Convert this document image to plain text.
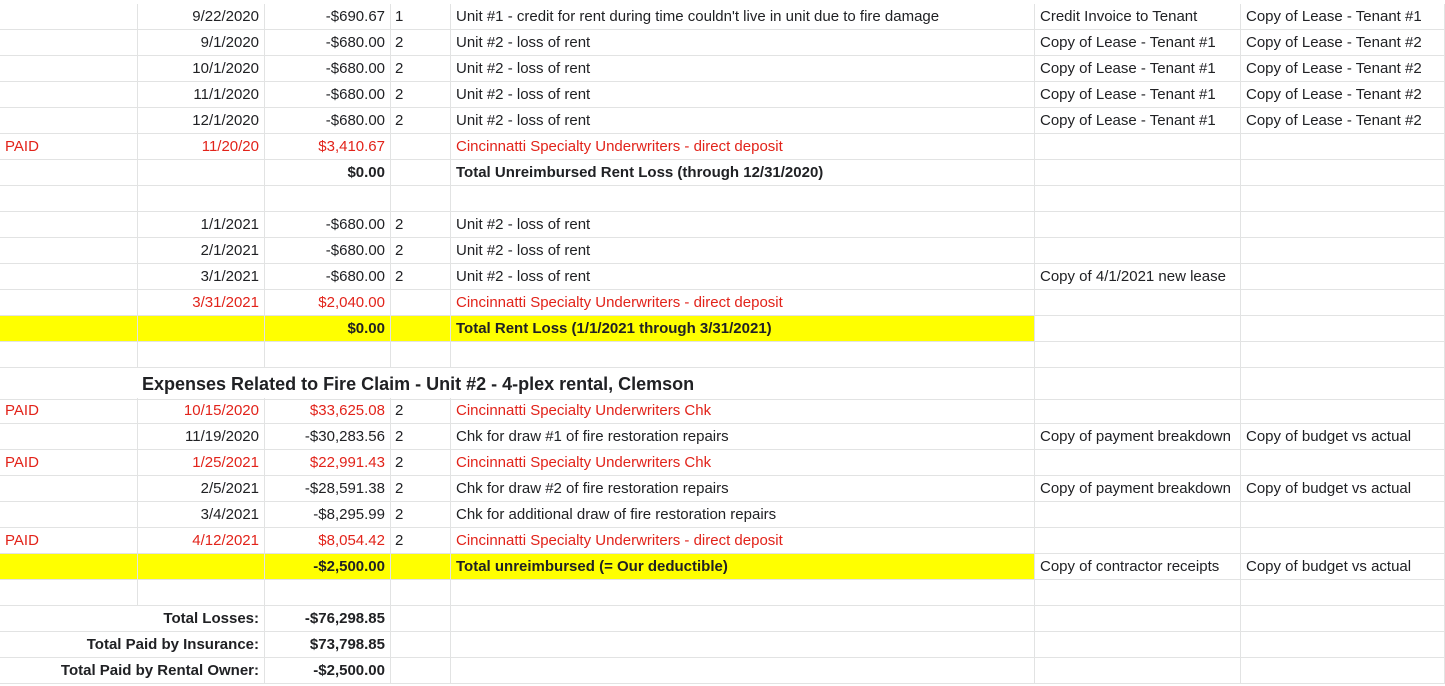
9/22/2020	-$690.67 1	Unit #1 - credit for rent during time couldn't live in unit due to fire damage	Credit Invoice to Tenant	Copy of Lease - Tenant #1
9/1/2020	-$680.00 2	Unit #2 - loss of rent	Copy of Lease - Tenant #1	Copy of Lease - Tenant #2
10/1/2020	-$680.00 2	Unit #2 - loss of rent	Copy of Lease - Tenant #1	Copy of Lease - Tenant #2
11/1/2020	-$680.00 2	Unit #2 - loss of rent	Copy of Lease - Tenant #1	Copy of Lease - Tenant #2
12/1/2020	-$680.00 2	Unit #2 - loss of rent	Copy of Lease - Tenant #1	Copy of Lease - Tenant #2
PAID	11/20/20	$3,410.67	Cincinnatti Specialty Underwriters - direct deposit
$0.00	Total Unreimbursed Rent Loss (through 12/31/2020)
1/1/2021	-$680.00 2	Unit #2 - loss of rent
2/1/2021	-$680.00 2	Unit #2 - loss of rent
3/1/2021	-$680.00 2	Unit #2 - loss of rent	Copy of 4/1/2021 new lease
3/31/2021	$2,040.00	Cincinnatti Specialty Underwriters - direct deposit
$0.00	Total Rent Loss (1/1/2021 through 3/31/2021)
Expenses Related to Fire Claim - Unit #2 - 4-plex rental, Clemson
PAID	10/15/2020	$33,625.08 2	Cincinnatti Specialty Underwriters Chk
11/19/2020	-$30,283.56 2	Chk for draw #1 of fire restoration repairs	Copy of payment breakdown	Copy of budget vs actual
PAID	1/25/2021	$22,991.43 2	Cincinnatti Specialty Underwriters Chk
2/5/2021	-$28,591.38 2	Chk for draw #2 of fire restoration repairs	Copy of payment breakdown	Copy of budget vs actual
3/4/2021	-$8,295.99 2	Chk for additional draw of fire restoration repairs
PAID	4/12/2021	$8,054.42 2	Cincinnatti Specialty Underwriters - direct deposit
-$2,500.00	Total unreimbursed (= Our deductible)	Copy of contractor receipts	Copy of budget vs actual
Total Losses:	-$76,298.85
Total Paid by Insurance:	$73,798.85
Total Paid by Rental Owner:	-$2,500.00
